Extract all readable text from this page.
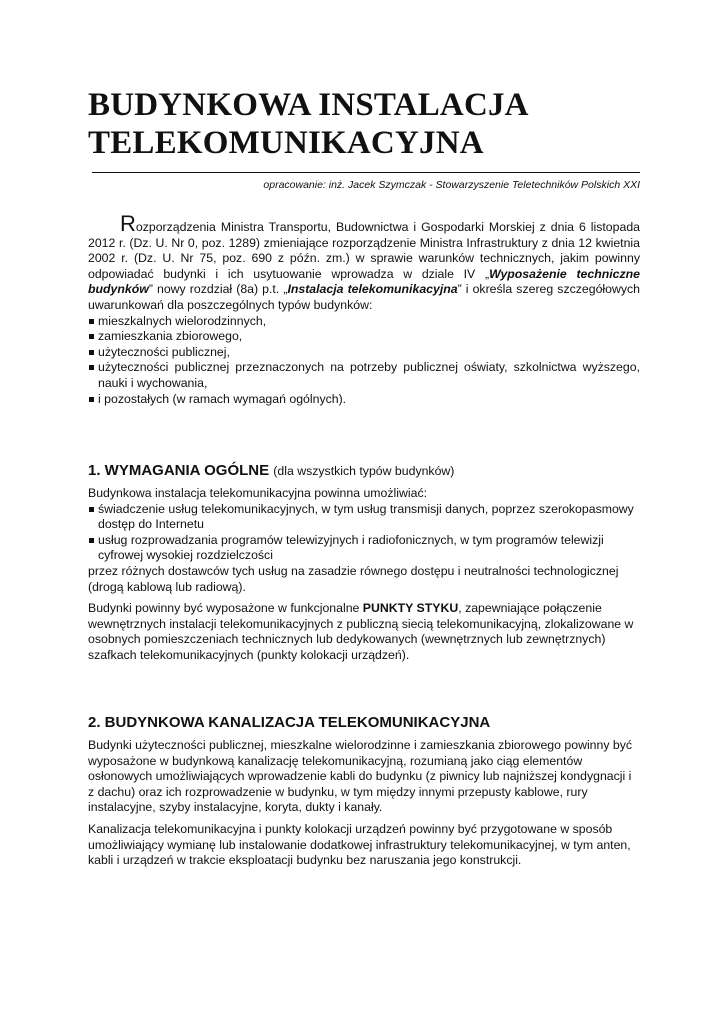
BUDYNKOWA INSTALACJA
TELEKOMUNIKACYJNA
opracowanie: inż. Jacek Szymczak - Stowarzyszenie Teletechników Polskich XXI

Rozporządzenia Ministra Transportu, Budownictwa i Gospodarki Morskiej z dnia 6 listopada 2012 r. (Dz. U. Nr 0, poz. 1289) zmieniające rozporządzenie Ministra Infrastruktury z dnia 12 kwietnia 2002 r. (Dz. U. Nr 75, poz. 690 z późn. zm.) w sprawie warunków technicznych, jakim powinny odpowiadać budynki i ich usytuowanie wprowadza w dziale IV „Wyposażenie techniczne budynków” nowy rozdział (8a) p.t. „Instalacja telekomunikacyjna” i określa szereg szczegółowych uwarunkowań dla poszczególnych typów budynków:

mieszkalnych wielorodzinnych,
zamieszkania zbiorowego,
użyteczności publicznej,
użyteczności publicznej przeznaczonych na potrzeby publicznej oświaty, szkolnictwa wyższego, nauki i wychowania,
i pozostałych (w ramach wymagań ogólnych).
1. WYMAGANIA OGÓLNE (dla wszystkich typów budynków)

Budynkowa instalacja telekomunikacyjna powinna umożliwiać:

świadczenie usług telekomunikacyjnych, w tym usług transmisji danych, poprzez szerokopasmowy dostęp do Internetu
usług rozprowadzania programów telewizyjnych i radiofonicznych, w tym programów telewizji cyfrowej wysokiej rozdzielczości

przez różnych dostawców tych usług na zasadzie równego dostępu i neutralności technologicznej (drogą kablową lub radiową).

Budynki powinny być wyposażone w funkcjonalne PUNKTY STYKU, zapewniające połączenie wewnętrznych instalacji telekomunikacyjnych z publiczną siecią telekomunikacyjną, zlokalizowane w osobnych pomieszczeniach technicznych lub dedykowanych (wewnętrznych lub zewnętrznych) szafkach telekomunikacyjnych (punkty kolokacji urządzeń).

2. BUDYNKOWA KANALIZACJA TELEKOMUNIKACYJNA

Budynki użyteczności publicznej, mieszkalne wielorodzinne i zamieszkania zbiorowego powinny być wyposażone w budynkową kanalizację telekomunikacyjną, rozumianą jako ciąg elementów osłonowych umożliwiających wprowadzenie kabli do budynku (z piwnicy lub najniższej kondygnacji i z dachu) oraz ich rozprowadzenie w budynku, w tym między innymi przepusty kablowe, rury instalacyjne, szyby instalacyjne, koryta, dukty i kanały.

Kanalizacja telekomunikacyjna i punkty kolokacji urządzeń powinny być przygotowane w sposób umożliwiający wymianę lub instalowanie dodatkowej infrastruktury telekomunikacyjnej, w tym anten, kabli i urządzeń w trakcie eksploatacji budynku bez naruszania jego konstrukcji.
